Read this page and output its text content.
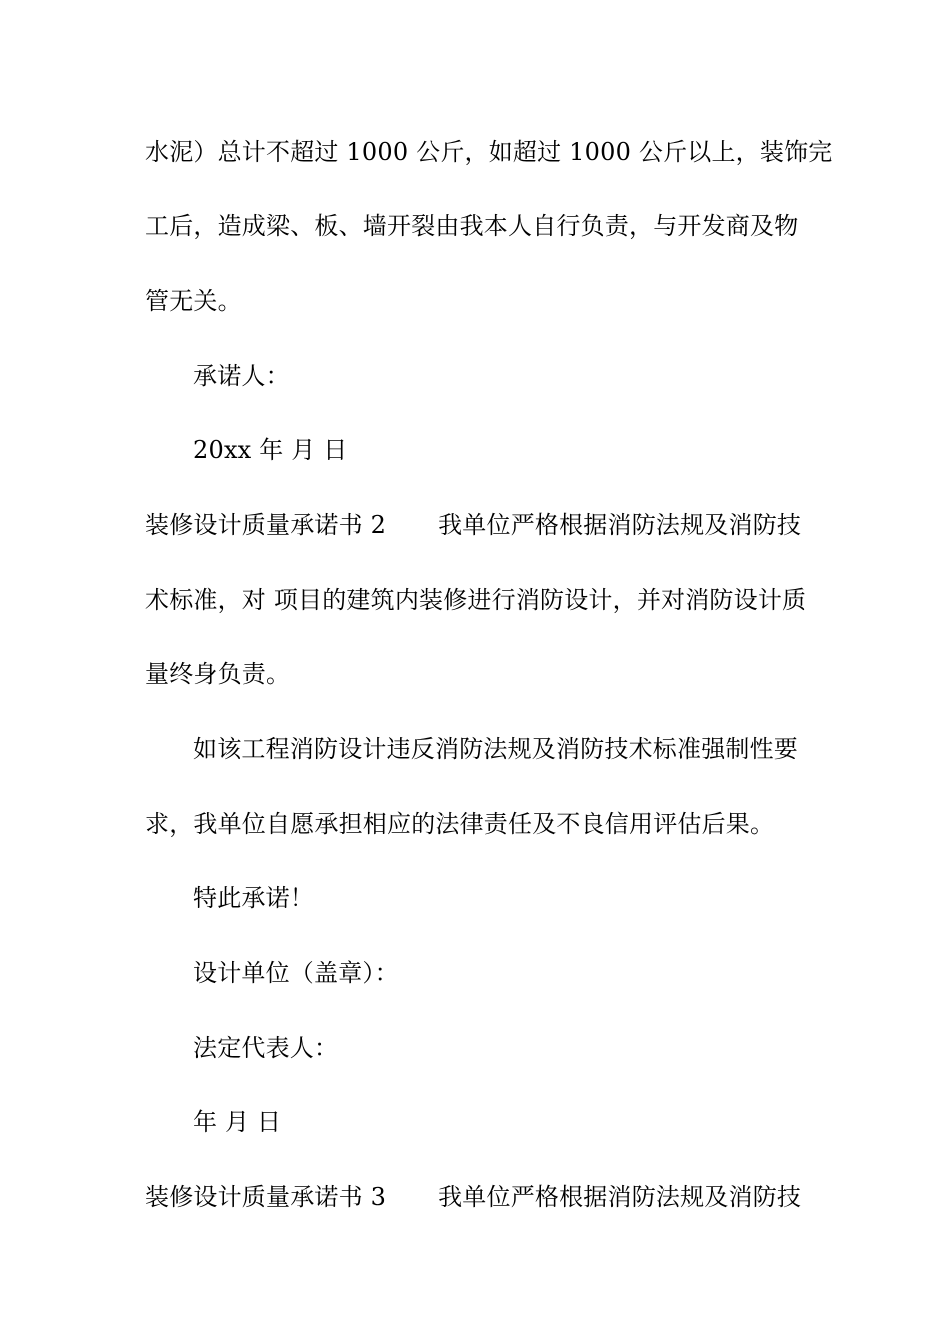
水泥）总计不超过 1000 公斤，如超过 1000 公斤以上，装饰完
工后，造成梁、板、墙开裂由我本人自行负责，与开发商及物
管无关。
承诺人：
20xx 年 月 日
装修设计质量承诺书 2 我单位严格根据消防法规及消防技
术标准，对 项目的建筑内装修进行消防设计，并对消防设计质
量终身负责。
如该工程消防设计违反消防法规及消防技术标准强制性要
求，我单位自愿承担相应的法律责任及不良信用评估后果。
特此承诺！
设计单位（盖章）：
法定代表人：
年 月 日
装修设计质量承诺书 3 我单位严格根据消防法规及消防技
